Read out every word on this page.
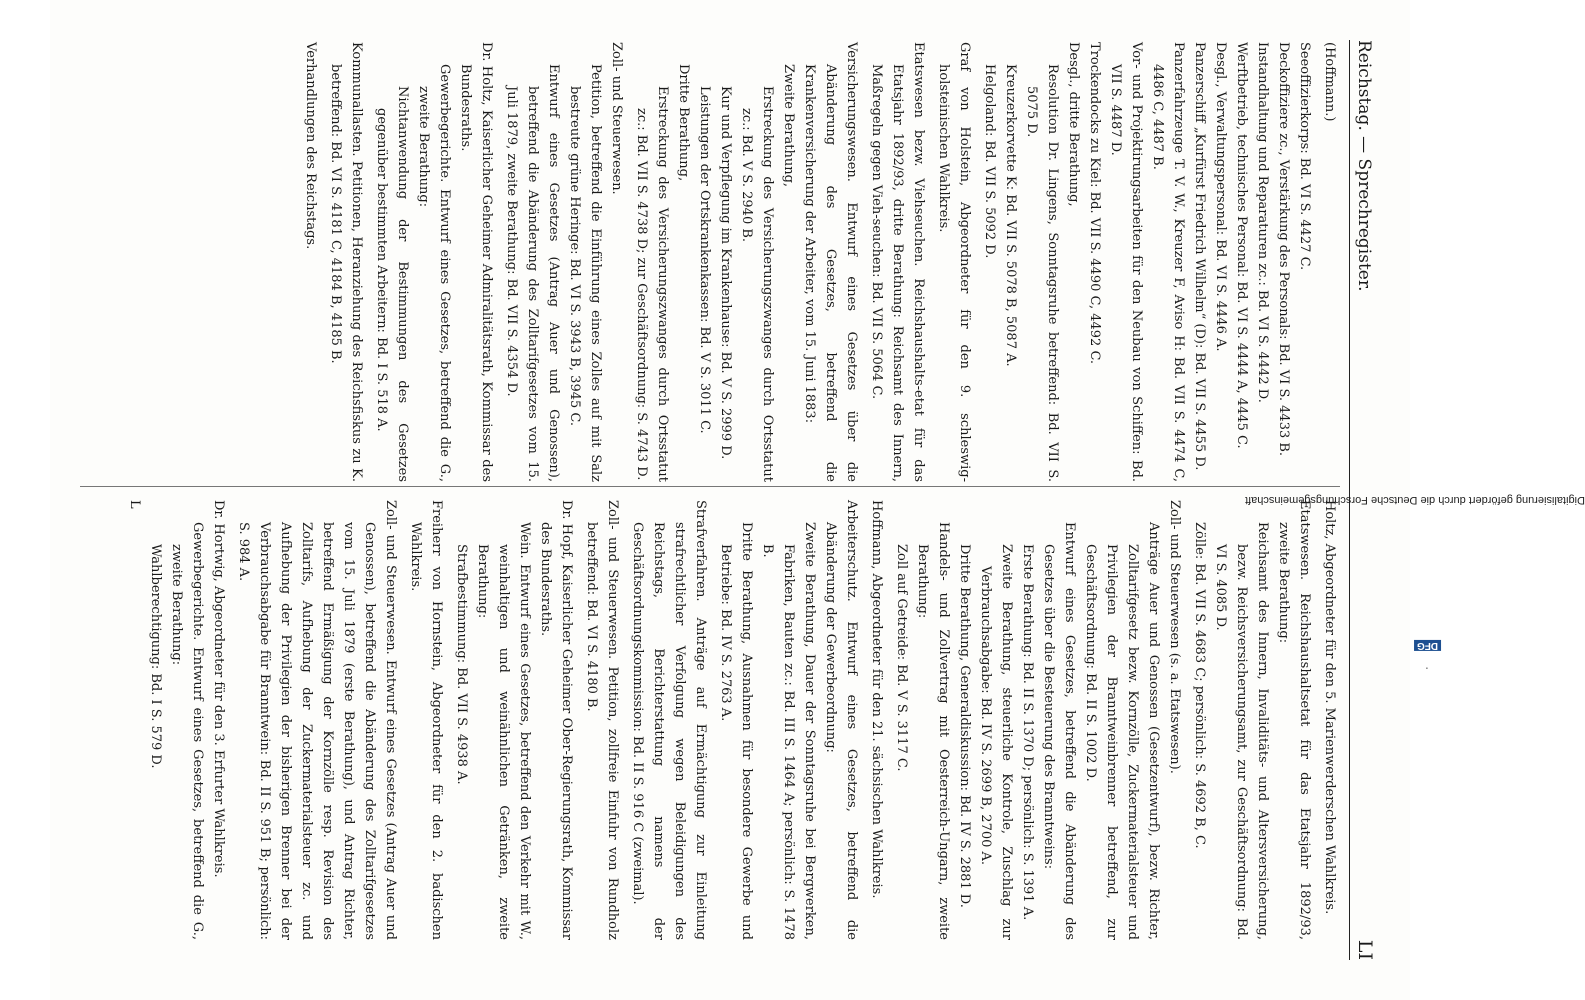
Reichstag. — Sprechregister.
LI

(Hoffmann.)

Seeoffizierkorps: Bd. VI S. 4427 C.

Deckoffiziere zc., Verstärkung des Personals: Bd. VI S. 4433 B.

Instandhaltung und Reparaturen zc.: Bd. VI S. 4442 D.

Werftbetrieb, technisches Personal: Bd. VI S. 4444 A, 4445 C.

Desgl., Verwaltungspersonal: Bd. VI S. 4446 A.

Panzerschiff „Kurfürst Friedrich Wilhelm“ (D): Bd. VII S. 4455 D.

Panzerfahrzeuge T. V. W., Kreuzer F, Aviso H: Bd. VII S. 4474 C, 4486 C, 4487 B.

Vor- und Projektirungsarbeiten für den Neubau von Schiffen: Bd. VII S. 4487 D.

Trockendocks zu Kiel: Bd. VII S. 4490 C, 4492 C.

Desgl., dritte Berathung,

Resolution Dr. Lingens, Sonntagsruhe betreffend: Bd. VII S. 5075 D.

Kreuzerkorvette K: Bd. VII S. 5078 B, 5087 A.

Helgoland: Bd. VII S. 5092 D.

Graf von Holstein, Abgeordneter für den 9. schleswig-holsteinischen Wahlkreis.

Etatswesen bezw. Viehseuchen. Reichshaushalts-etat für das Etatsjahr 1892/93, dritte Berathung: Reichsamt des Innern, Maßregeln gegen Vieh-seuchen: Bd. VII S. 5064 C.

Versicherungswesen. Entwurf eines Gesetzes über die Abänderung des Gesetzes, betreffend die Krankenversicherung der Arbeiter, vom 15. Juni 1883:

Zweite Berathung,

Erstreckung des Versicherungszwanges durch Ortsstatut zc.: Bd. V S. 2940 B.

Kur und Verpflegung im Krankenhause: Bd. V S. 2999 D.

Leistungen der Ortskrankenkassen: Bd. V S. 3011 C.

Dritte Berathung,

Erstreckung des Versicherungszwanges durch Ortsstatut zc.: Bd. VII S. 4738 D; zur Geschäftsordnung: S. 4743 D.

Zoll- und Steuerwesen.

Petition, betreffend die Einführung eines Zolles auf mit Salz bestreute grüne Heringe: Bd. VI S. 3943 B, 3945 C.

Entwurf eines Gesetzes (Antrag Auer und Genossen), betreffend die Abänderung des Zolltarifgesetzes vom 15. Juli 1879, zweite Berathung: Bd. VII S. 4354 D.

Dr. Holtz, Kaiserlicher Geheimer Admiralitätsrath, Kommissar des Bundesraths.

Gewerbegerichte. Entwurf eines Gesetzes, betreffend die G., zweite Berathung:

Nichtanwendung der Bestimmungen des Gesetzes gegenüber bestimmten Arbeitern: Bd. I S. 518 A.

Kommunallasten. Petitionen, Heranziehung des Reichsfiskus zu K. betreffend: Bd. VI S. 4181 C, 4184 B, 4185 B.

Verhandlungen des Reichstags.

Holtz, Abgeordneter für den 5. Marienwerderschen Wahlkreis.

Etatswesen. Reichshaushaltsetat für das Etatsjahr 1892/93, zweite Berathung:

Reichsamt des Innern, Invaliditäts- und Altersversicherung, bezw. Reichsversicherungsamt, zur Geschäftsordnung: Bd. VI S. 4085 D.

Zölle: Bd. VII S. 4683 C; persönlich: S. 4692 B, C.

Zoll- und Steuerwesen (s. a. Etatswesen).

Anträge Auer und Genossen (Gesetzentwurf), bezw. Richter, Zolltarifgesetz bezw. Kornzölle, Zuckermaterialsteuer und Privilegien der Branntweinbrenner betreffend, zur Geschäftsordnung: Bd. II S. 1002 D.

Entwurf eines Gesetzes, betreffend die Abänderung des Gesetzes über die Besteuerung des Branntweins:

Erste Berathung: Bd. II S. 1370 D; persönlich: S. 1391 A.

Zweite Berathung, steuerliche Kontrole, Zuschlag zur Verbrauchsabgabe: Bd. IV S. 2699 B, 2700 A.

Dritte Berathung, Generaldiskussion: Bd. IV S. 2881 D.

Handels- und Zollvertrag mit Oesterreich-Ungarn, zweite Berathung:

Zoll auf Getreide: Bd. V S. 3117 C.

Hoffmann, Abgeordneter für den 21. sächsischen Wahlkreis.

Arbeiterschutz. Entwurf eines Gesetzes, betreffend die Abänderung der Gewerbeordnung:

Zweite Berathung, Dauer der Sonntagsruhe bei Bergwerken, Fabriken, Bauten zc.: Bd. III S. 1464 A; persönlich: S. 1478 B.

Dritte Berathung, Ausnahmen für besondere Gewerbe und Betriebe: Bd. IV S. 2763 A.

Strafverfahren. Anträge auf Ermächtigung zur Einleitung strafrechtlicher Verfolgung wegen Beleidigungen des Reichstags, Berichterstattung namens der Geschäftsordnungskommission: Bd. II S. 916 C (zweimal).

Zoll- und Steuerwesen. Petition, zollfreie Einfuhr von Rundholz betreffend: Bd. VI S. 4180 B.

Dr. Hopf, Kaiserlicher Geheimer Ober-Regierungsrath, Kommissar des Bundesraths.

Wein. Entwurf eines Gesetzes, betreffend den Verkehr mit W., weinhaltigen und weinähnlichen Getränken, zweite Berathung:

Strafbestimmung: Bd. VII S. 4938 A.

Freiherr von Hornstein, Abgeordneter für den 2. badischen Wahlkreis.

Zoll- und Steuerwesen. Entwurf eines Gesetzes (Antrag Auer und Genossen), betreffend die Abänderung des Zolltarifgesetzes vom 15. Juli 1879 (erste Berathung), und Antrag Richter, betreffend Ermäßigung der Kornzölle resp. Revision des Zolltarifs, Aufhebung der Zuckermaterialsteuer zc. und Aufhebung der Privilegien der bisherigen Brenner bei der Verbrauchsabgabe für Branntwein: Bd. II S. 951 B; persönlich: S. 984 A.

Dr. Hortwig, Abgeordneter für den 3. Erfurter Wahlkreis.

Gewerbegerichte. Entwurf eines Gesetzes, betreffend die G., zweite Berathung:

Wahlberechtigung: Bd. I S. 579 D.

L	Digitalisierung gefördert durch die Deutsche Forschungsgemeinschaft
· DFG
